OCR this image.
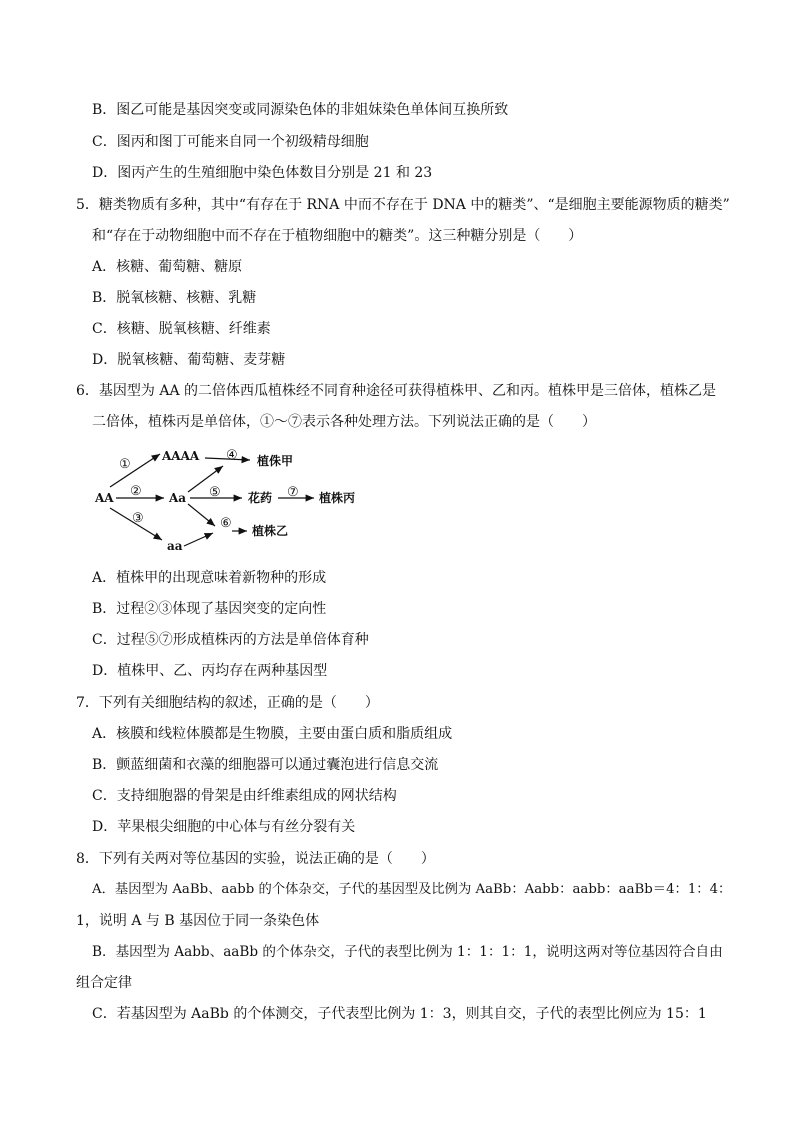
B．图乙可能是基因突变或同源染色体的非姐妹染色单体间互换所致
C．图丙和图丁可能来自同一个初级精母细胞
D．图丙产生的生殖细胞中染色体数目分别是 21 和 23
5．糖类物质有多种，其中“有存在于 RNA 中而不存在于 DNA 中的糖类”、“是细胞主要能源物质的糖类”
和“存在于动物细胞中而不存在于植物细胞中的糖类”。这三种糖分别是（　　）
A．核糖、葡萄糖、糖原
B．脱氧核糖、核糖、乳糖
C．核糖、脱氧核糖、纤维素
D．脱氧核糖、葡萄糖、麦芽糖
6．基因型为 AA 的二倍体西瓜植株经不同育种途径可获得植株甲、乙和丙。植株甲是三倍体，植株乙是
二倍体，植株丙是单倍体，①～⑦表示各种处理方法。下列说法正确的是（　　）
AA
AAAA
Aa
aa
花药
植侏甲
植株丙
植株乙
①
②
③
④
⑤
⑥
⑦
A．植株甲的出现意味着新物种的形成
B．过程②③体现了基因突变的定向性
C．过程⑤⑦形成植株丙的方法是单倍体育种
D．植株甲、乙、丙均存在两种基因型
7．下列有关细胞结构的叙述，正确的是（　　）
A．核膜和线粒体膜都是生物膜，主要由蛋白质和脂质组成
B．颤蓝细菌和衣藻的细胞器可以通过囊泡进行信息交流
C．支持细胞器的骨架是由纤维素组成的网状结构
D．苹果根尖细胞的中心体与有丝分裂有关
8．下列有关两对等位基因的实验，说法正确的是（　　）
A．基因型为 AaBb、aabb 的个体杂交，子代的基因型及比例为 AaBb：Aabb：aabb：aaBb＝4：1：4：
1，说明 A 与 B 基因位于同一条染色体
B．基因型为 Aabb、aaBb 的个体杂交，子代的表型比例为 1：1：1：1，说明这两对等位基因符合自由
组合定律
C．若基因型为 AaBb 的个体测交，子代表型比例为 1：3，则其自交，子代的表型比例应为 15：1
